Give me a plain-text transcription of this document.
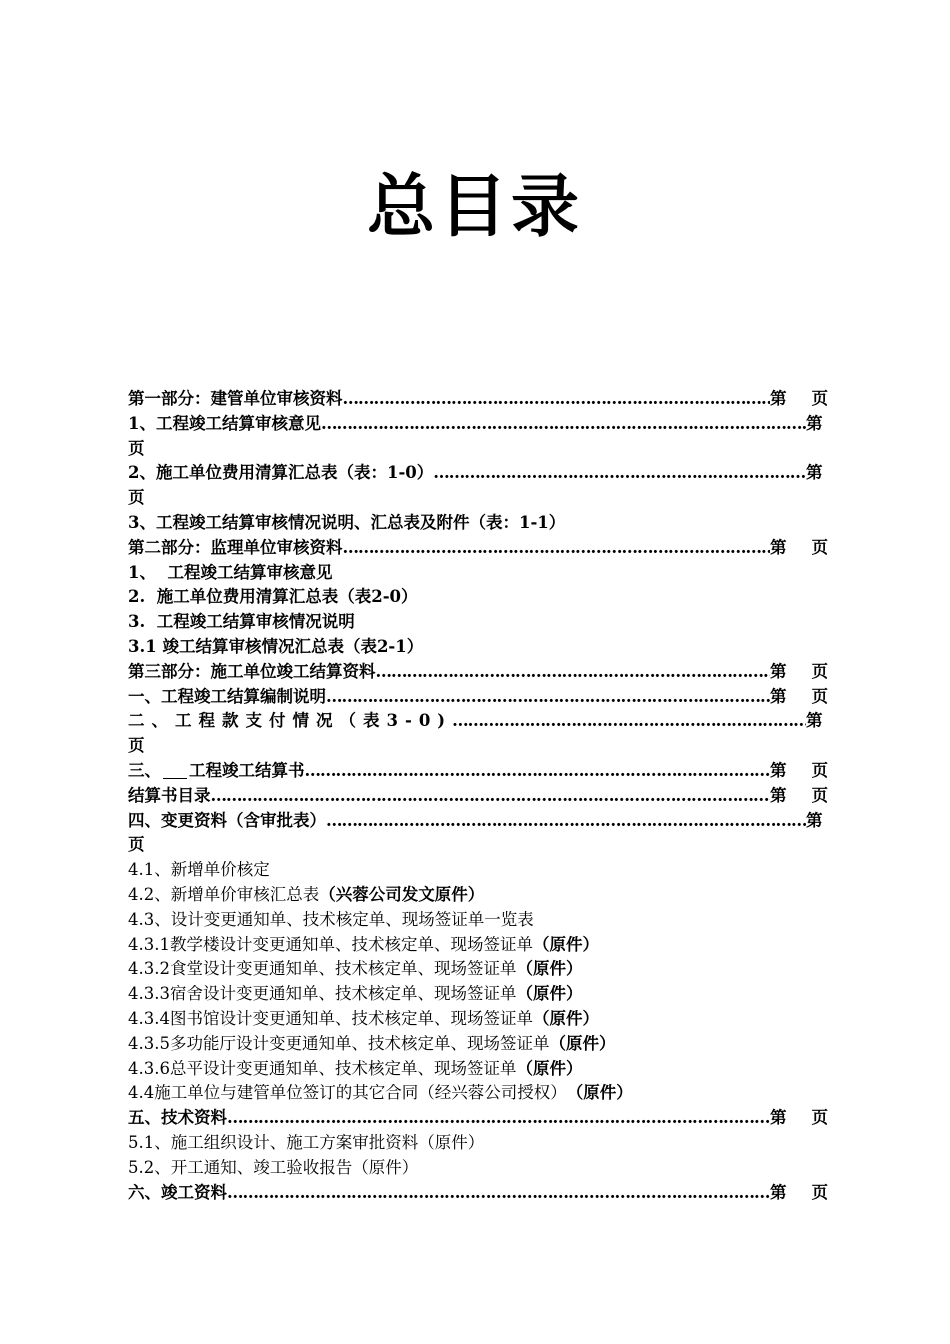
总目录
第一部分：建管单位审核资料 …………………………………………………………………………………………………………………………………………………………………………………………	第	页
1、工程竣工结算审核意见 …………………………………………………………………………………………………………………………………………………………………………………………	第
页
2、施工单位费用清算汇总表（表：1-0） …………………………………………………………………………………………………………………………………………………………………………………………	第
页
3、工程竣工结算审核情况说明、汇总表及附件（表：1-1）
第二部分：监理单位审核资料 …………………………………………………………………………………………………………………………………………………………………………………………	第	页
1、  工程竣工结算审核意见
2.  施工单位费用清算汇总表（表2-0）
3.  工程竣工结算审核情况说明
3.1 竣工结算审核情况汇总表（表2-1）
第三部分：施工单位竣工结算资料 …………………………………………………………………………………………………………………………………………………………………………………………	第	页
一、工程竣工结算编制说明 …………………………………………………………………………………………………………………………………………………………………………………………	第	页
二、工程款支付情况（表3-0) …………………………………………………………………………………………………………………………………………………………………………………………	第
页
三、 工程竣工结算书 …………………………………………………………………………………………………………………………………………………………………………………………	第	页
结算书目录 …………………………………………………………………………………………………………………………………………………………………………………………	第	页
四、变更资料（含审批表） …………………………………………………………………………………………………………………………………………………………………………………………	第
页
4.1、新增单价核定
4.2、新增单价审核汇总表 （兴蓉公司发文原件）
4.3、设计变更通知单、技术核定单、现场签证单一览表
4.3.1教学楼设计变更通知单、技术核定单、现场签证单 （原件）
4.3.2食堂设计变更通知单、技术核定单、现场签证单 （原件）
4.3.3宿舍设计变更通知单、技术核定单、现场签证单 （原件）
4.3.4图书馆设计变更通知单、技术核定单、现场签证单 （原件）
4.3.5多功能厅设计变更通知单、技术核定单、现场签证单 （原件）
4.3.6总平设计变更通知单、技术核定单、现场签证单 （原件）
4.4施工单位与建管单位签订的其它合同（经兴蓉公司授权） （原件）
五、技术资料 …………………………………………………………………………………………………………………………………………………………………………………………	第	页
5.1、施工组织设计、施工方案审批资料（原件）
5.2、开工通知、竣工验收报告（原件）
六、竣工资料 …………………………………………………………………………………………………………………………………………………………………………………………	第	页
